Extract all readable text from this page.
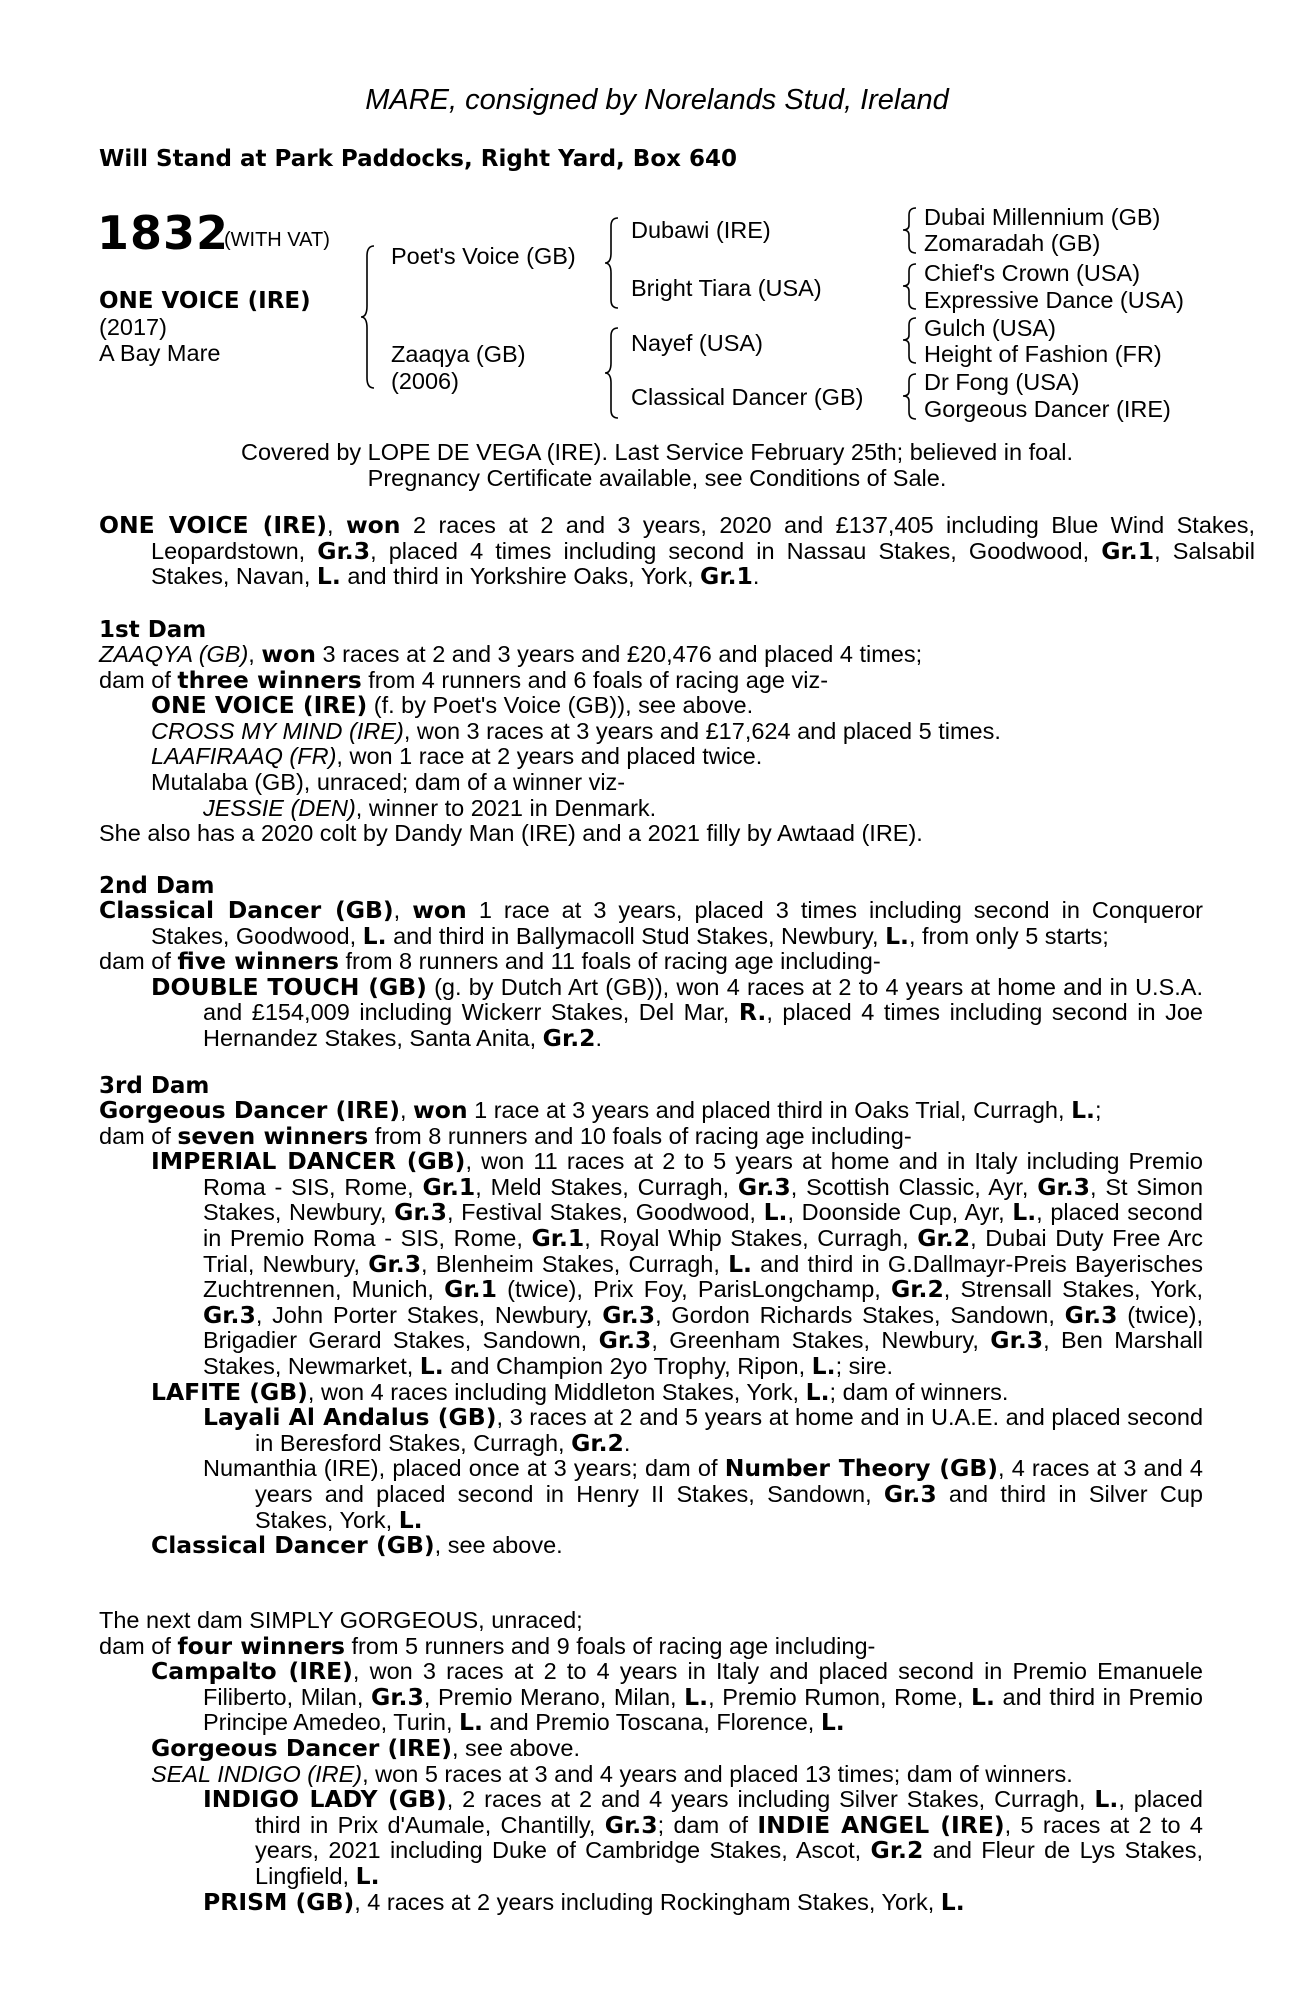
MARE, consigned by Norelands Stud, Ireland
Will Stand at Park Paddocks, Right Yard, Box 640
1832
(WITH VAT)
ONE VOICE (IRE)
(2017)
A Bay Mare
Poet's Voice (GB)
Zaaqya (GB)
(2006)
Dubawi (IRE)
Bright Tiara (USA)
Nayef (USA)
Classical Dancer (GB)
Dubai Millennium (GB)
Zomaradah (GB)
Chief's Crown (USA)
Expressive Dance (USA)
Gulch (USA)
Height of Fashion (FR)
Dr Fong (USA)
Gorgeous Dancer (IRE)
Covered by LOPE DE VEGA (IRE). Last Service February 25th; believed in foal.
Pregnancy Certificate available, see Conditions of Sale.

ONE VOICE (IRE), won 2 races at 2 and 3 years, 2020 and £137,405 including Blue Wind Stakes, Leopardstown, Gr.3, placed 4 times including second in Nassau Stakes, Goodwood, Gr.1, Salsabil Stakes, Navan, L. and third in Yorkshire Oaks, York, Gr.1.

1st Dam
ZAAQYA (GB), won 3 races at 2 and 3 years and £20,476 and placed 4 times;
dam of three winners from 4 runners and 6 foals of racing age viz-
ONE VOICE (IRE) (f. by Poet's Voice (GB)), see above.
CROSS MY MIND (IRE), won 3 races at 3 years and £17,624 and placed 5 times.
LAAFIRAAQ (FR), won 1 race at 2 years and placed twice.
Mutalaba (GB), unraced; dam of a winner viz-
JESSIE (DEN), winner to 2021 in Denmark.
She also has a 2020 colt by Dandy Man (IRE) and a 2021 filly by Awtaad (IRE).
2nd Dam
Classical Dancer (GB), won 1 race at 3 years, placed 3 times including second in Conqueror Stakes, Goodwood, L. and third in Ballymacoll Stud Stakes, Newbury, L., from only 5 starts;
dam of five winners from 8 runners and 11 foals of racing age including-
DOUBLE TOUCH (GB) (g. by Dutch Art (GB)), won 4 races at 2 to 4 years at home and in U.S.A. and £154,009 including Wickerr Stakes, Del Mar, R., placed 4 times including second in Joe Hernandez Stakes, Santa Anita, Gr.2.
3rd Dam
Gorgeous Dancer (IRE), won 1 race at 3 years and placed third in Oaks Trial, Curragh, L.;
dam of seven winners from 8 runners and 10 foals of racing age including-
IMPERIAL DANCER (GB), won 11 races at 2 to 5 years at home and in Italy including Premio Roma - SIS, Rome, Gr.1, Meld Stakes, Curragh, Gr.3, Scottish Classic, Ayr, Gr.3, St Simon Stakes, Newbury, Gr.3, Festival Stakes, Goodwood, L., Doonside Cup, Ayr, L., placed second in Premio Roma - SIS, Rome, Gr.1, Royal Whip Stakes, Curragh, Gr.2, Dubai Duty Free Arc Trial, Newbury, Gr.3, Blenheim Stakes, Curragh, L. and third in G.Dallmayr-Preis Bayerisches Zuchtrennen, Munich, Gr.1 (twice), Prix Foy, ParisLongchamp, Gr.2, Strensall Stakes, York, Gr.3, John Porter Stakes, Newbury, Gr.3, Gordon Richards Stakes, Sandown, Gr.3 (twice), Brigadier Gerard Stakes, Sandown, Gr.3, Greenham Stakes, Newbury, Gr.3, Ben Marshall Stakes, Newmarket, L. and Champion 2yo Trophy, Ripon, L.; sire.
LAFITE (GB), won 4 races including Middleton Stakes, York, L.; dam of winners.
Layali Al Andalus (GB), 3 races at 2 and 5 years at home and in U.A.E. and placed second in Beresford Stakes, Curragh, Gr.2.
Numanthia (IRE), placed once at 3 years; dam of Number Theory (GB), 4 races at 3 and 4 years and placed second in Henry II Stakes, Sandown, Gr.3 and third in Silver Cup Stakes, York, L.
Classical Dancer (GB), see above.
The next dam SIMPLY GORGEOUS, unraced;
dam of four winners from 5 runners and 9 foals of racing age including-
Campalto (IRE), won 3 races at 2 to 4 years in Italy and placed second in Premio Emanuele Filiberto, Milan, Gr.3, Premio Merano, Milan, L., Premio Rumon, Rome, L. and third in Premio Principe Amedeo, Turin, L. and Premio Toscana, Florence, L.
Gorgeous Dancer (IRE), see above.
SEAL INDIGO (IRE), won 5 races at 3 and 4 years and placed 13 times; dam of winners.
INDIGO LADY (GB), 2 races at 2 and 4 years including Silver Stakes, Curragh, L., placed third in Prix d'Aumale, Chantilly, Gr.3; dam of INDIE ANGEL (IRE), 5 races at 2 to 4 years, 2021 including Duke of Cambridge Stakes, Ascot, Gr.2 and Fleur de Lys Stakes, Lingfield, L.
PRISM (GB), 4 races at 2 years including Rockingham Stakes, York, L.
